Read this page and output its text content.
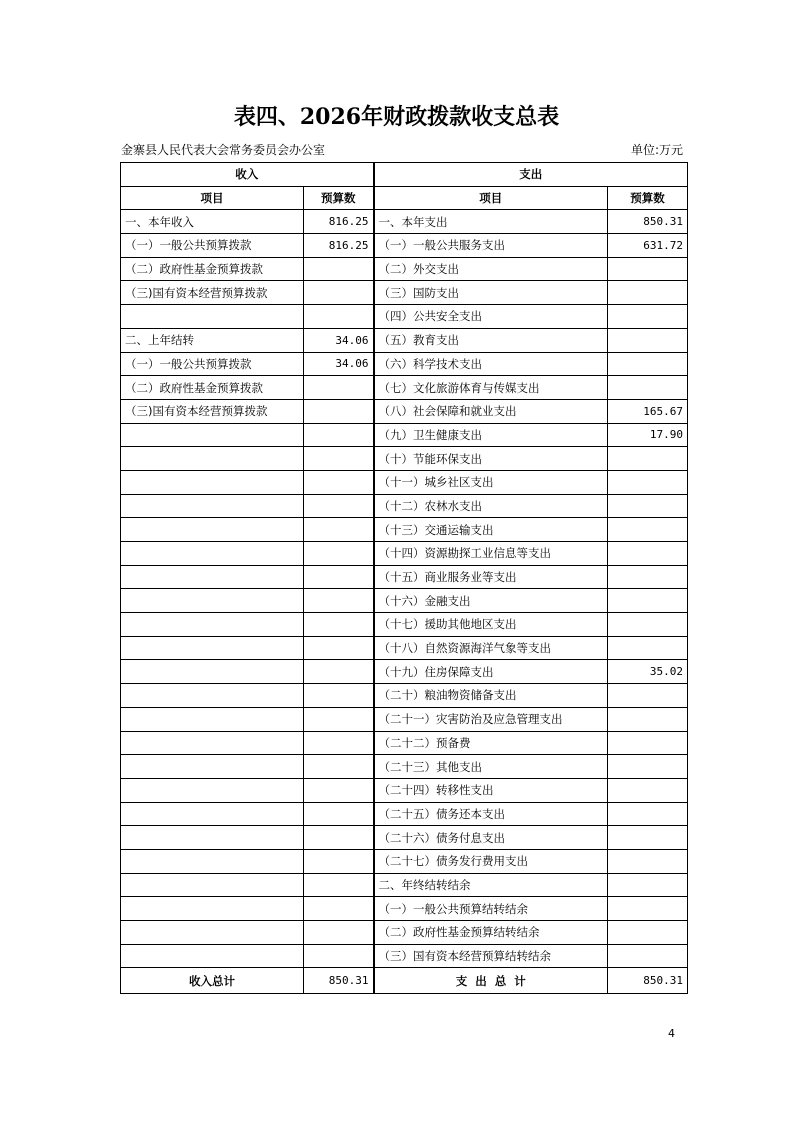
表四、2026年财政拨款收支总表
金寨县人民代表大会常务委员会办公室	单位:万元
收入		支出	
项目	预算数	项目	预算数
一、本年收入	816.25	一、本年支出	850.31
（一）一般公共预算拨款	816.25	（一）一般公共服务支出	631.72
（二）政府性基金预算拨款		（二）外交支出	
（三)国有资本经营预算拨款		（三）国防支出	
		（四）公共安全支出	
二、上年结转	34.06	（五）教育支出	
（一）一般公共预算拨款	34.06	（六）科学技术支出	
（二）政府性基金预算拨款		（七）文化旅游体育与传媒支出	
（三)国有资本经营预算拨款		（八）社会保障和就业支出	165.67
		（九）卫生健康支出	17.90
		（十）节能环保支出	
		（十一）城乡社区支出	
		（十二）农林水支出	
		（十三）交通运输支出	
		（十四）资源勘探工业信息等支出	
		（十五）商业服务业等支出	
		（十六）金融支出	
		（十七）援助其他地区支出	
		（十八）自然资源海洋气象等支出	
		（十九）住房保障支出	35.02
		（二十）粮油物资储备支出	
		（二十一）灾害防治及应急管理支出	
		（二十二）预备费	
		（二十三）其他支出	
		（二十四）转移性支出	
		（二十五）债务还本支出	
		（二十六）债务付息支出	
		（二十七）债务发行费用支出	
		二、年终结转结余	
		（一）一般公共预算结转结余	
		（二）政府性基金预算结转结余	
		（三）国有资本经营预算结转结余	
收入总计	850.31	支  出  总  计	850.31
4
